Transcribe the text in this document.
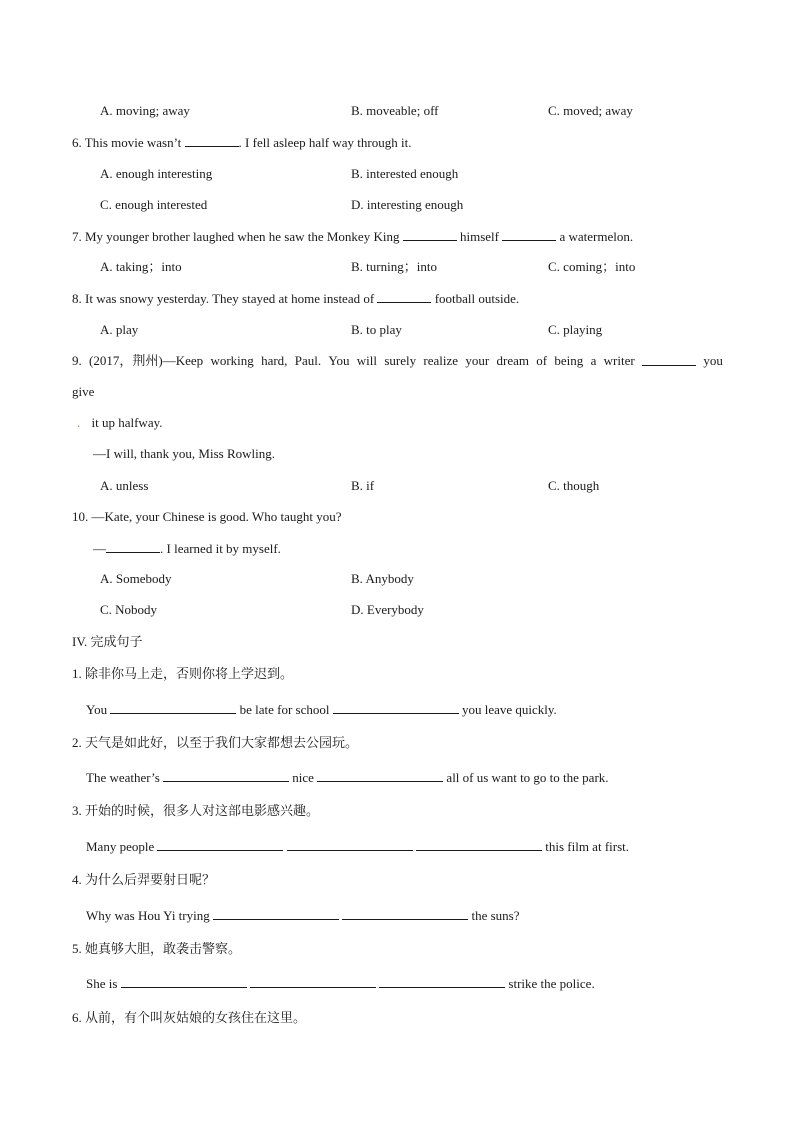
A. moving; away	B. moveable; off	C. moved; away
6. This movie wasn’t	. I fell asleep half way through it.
A. enough interesting	B. interested enough
C. enough interested	D. interesting enough
7. My younger brother laughed when he saw the Monkey King	himself	a watermelon.
A. taking；into	B. turning；into	C. coming；into
8. It was snowy yesterday. They stayed at home instead of	football outside.
A. play	B. to play	C. playing
9. (2017，荆州)—Keep working hard, Paul. You will surely realize your dream of being a writer	you
give
. it up halfway.
—I will, thank you, Miss Rowling.
A. unless	B. if	C. though
10. —Kate, your Chinese is good. Who taught you?
—	. I learned it by myself.
A. Somebody	B. Anybody
C. Nobody	D. Everybody
IV. 完成句子
1. 除非你马上走，否则你将上学迟到。
You	be late for school	you leave quickly.
2. 天气是如此好，以至于我们大家都想去公园玩。
The weather’s	nice	all of us want to go to the park.
3. 开始的时候，很多人对这部电影感兴趣。
Many people	this film at first.
4. 为什么后羿要射日呢？
Why was Hou Yi trying	the suns?
5. 她真够大胆，敢袭击警察。
She is	strike the police.
6. 从前，有个叫灰姑娘的女孩住在这里。
